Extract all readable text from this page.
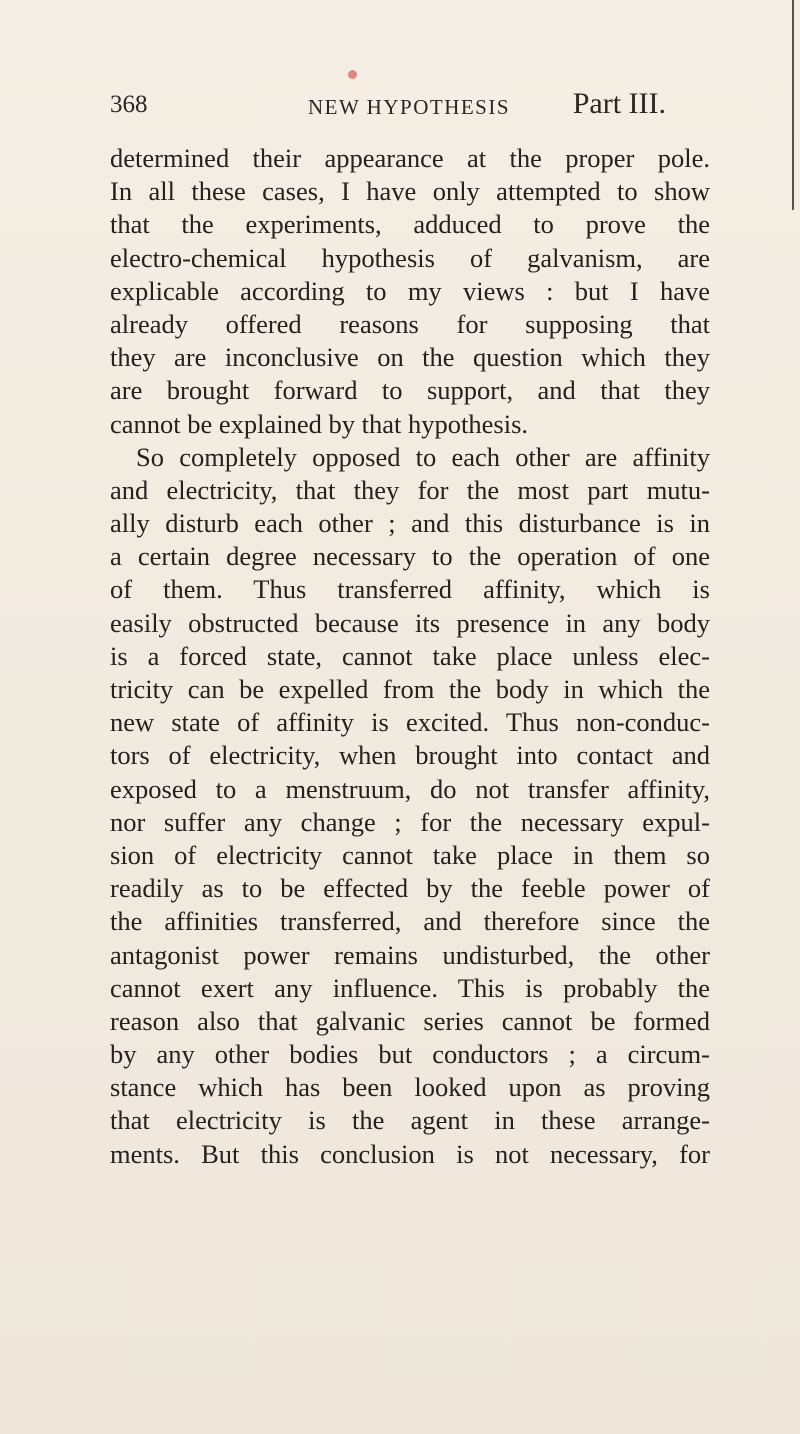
368	NEW HYPOTHESIS Part III.
determined their appearance at the proper pole.
In all these cases, I have only attempted to show
that the experiments, adduced to prove the
electro-chemical hypothesis of galvanism, are
explicable according to my views : but I have
already offered reasons for supposing that
they are inconclusive on the question which they
are brought forward to support, and that they
cannot be explained by that hypothesis.
So completely opposed to each other are affinity
and electricity, that they for the most part mutu-
ally disturb each other ; and this disturbance is in
a certain degree necessary to the operation of one
of them. Thus transferred affinity, which is
easily obstructed because its presence in any body
is a forced state, cannot take place unless elec-
tricity can be expelled from the body in which the
new state of affinity is excited. Thus non-conduc-
tors of electricity, when brought into contact and
exposed to a menstruum, do not transfer affinity,
nor suffer any change ; for the necessary expul-
sion of electricity cannot take place in them so
readily as to be effected by the feeble power of
the affinities transferred, and therefore since the
antagonist power remains undisturbed, the other
cannot exert any influence. This is probably the
reason also that galvanic series cannot be formed
by any other bodies but conductors ; a circum-
stance which has been looked upon as proving
that electricity is the agent in these arrange-
ments. But this conclusion is not necessary, for
